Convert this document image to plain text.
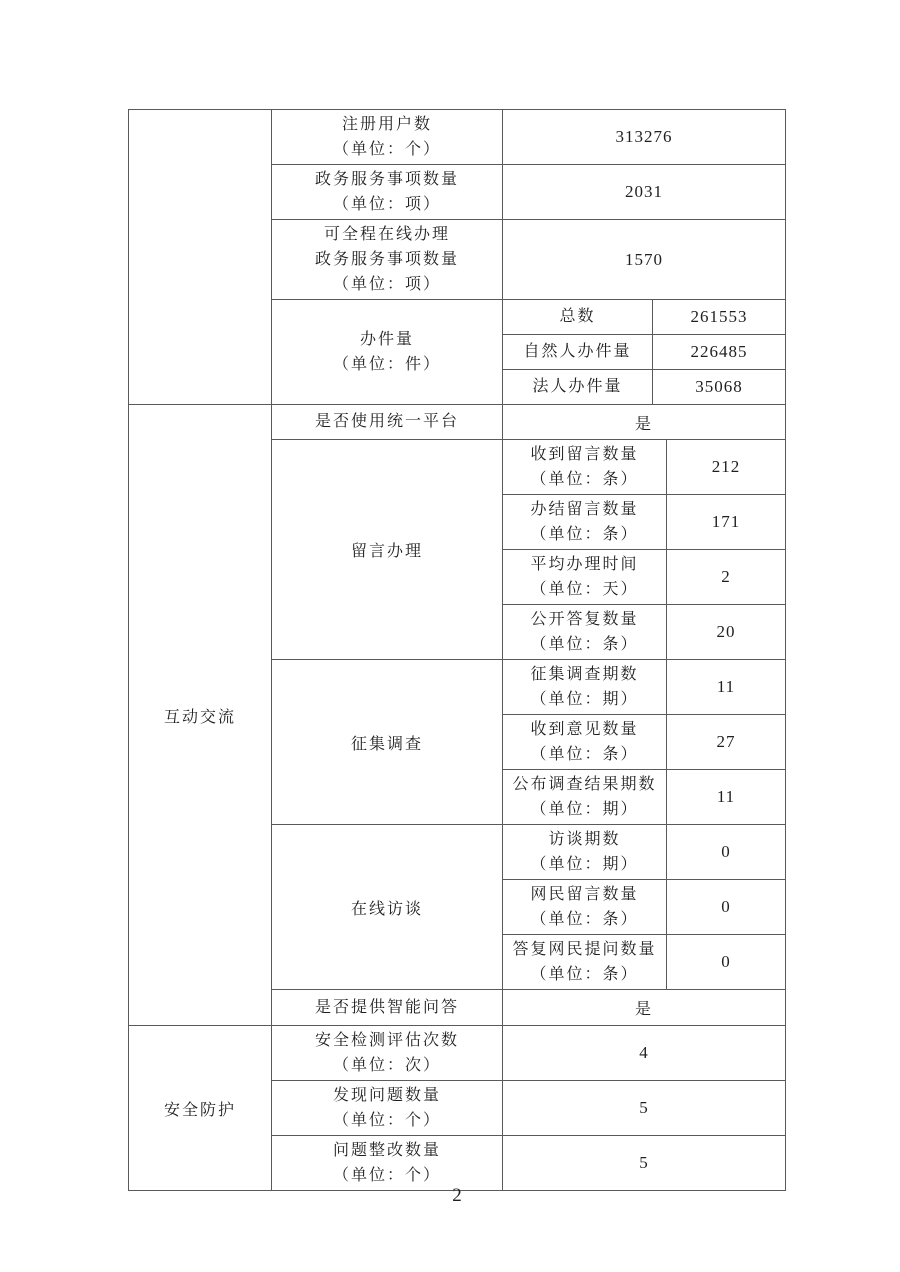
	注册用户数
（单位：个）	313276		

	政务服务事项数量
（单位：项）	2031		

	可全程在线办理
政务服务事项数量
（单位：项）	1570		

	办件量
（单位：件）	总数	261553	
		自然人办件量	226485	
		法人办件量	35068	
互动交流	是否使用统一平台	是		
	留言办理	收到留言数量
（单位：条）		212

		办结留言数量
（单位：条）		171

		平均办理时间
（单位：天）		2

		公开答复数量
（单位：条）		20
	征集调查	征集调查期数
（单位：期）		11

		收到意见数量
（单位：条）		27

		公布调查结果期数
（单位：期）		11
	在线访谈	访谈期数
（单位：期）		0

		网民留言数量
（单位：条）		0

		答复网民提问数量
（单位：条）		0
	是否提供智能问答	是		
安全防护	安全检测评估次数
（单位：次）	4		

	发现问题数量
（单位：个）	5		

	问题整改数量
（单位：个）	5		
2
